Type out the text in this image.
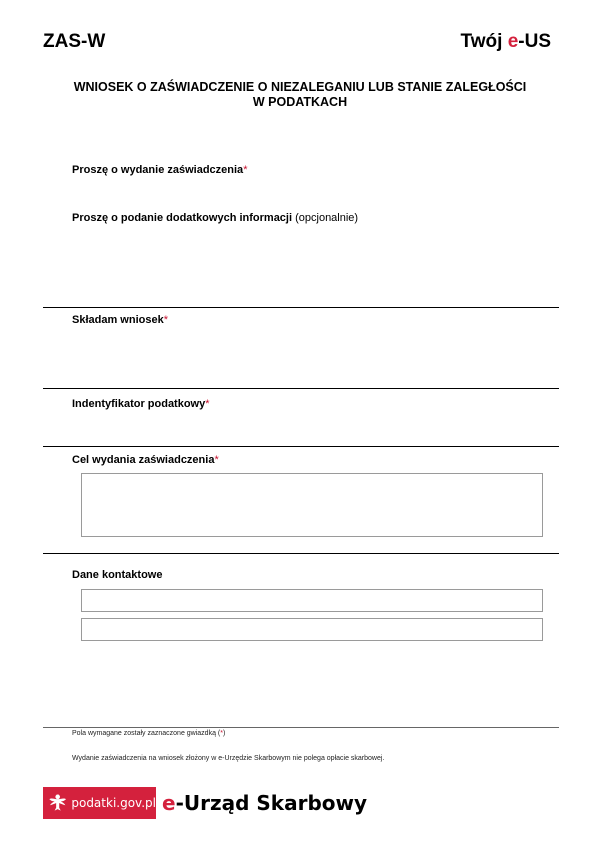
ZAS-W	Twój e-US
WNIOSEK O ZAŚWIADCZENIE O NIEZALEGANIU LUB STANIE ZALEGŁOŚCI
W PODATKACH
Proszę o wydanie zaświadczenia*
Proszę o podanie dodatkowych informacji (opcjonalnie)
Składam wniosek*
Indentyfikator podatkowy*
Cel wydania zaświadczenia*
Dane kontaktowe
Pola wymagane zostały zaznaczone gwiazdką (*)
Wydanie zaświadczenia na wniosek złożony w e-Urzędzie Skarbowym nie polega opłacie skarbowej.
podatki.gov.pl e-Urząd Skarbowy
